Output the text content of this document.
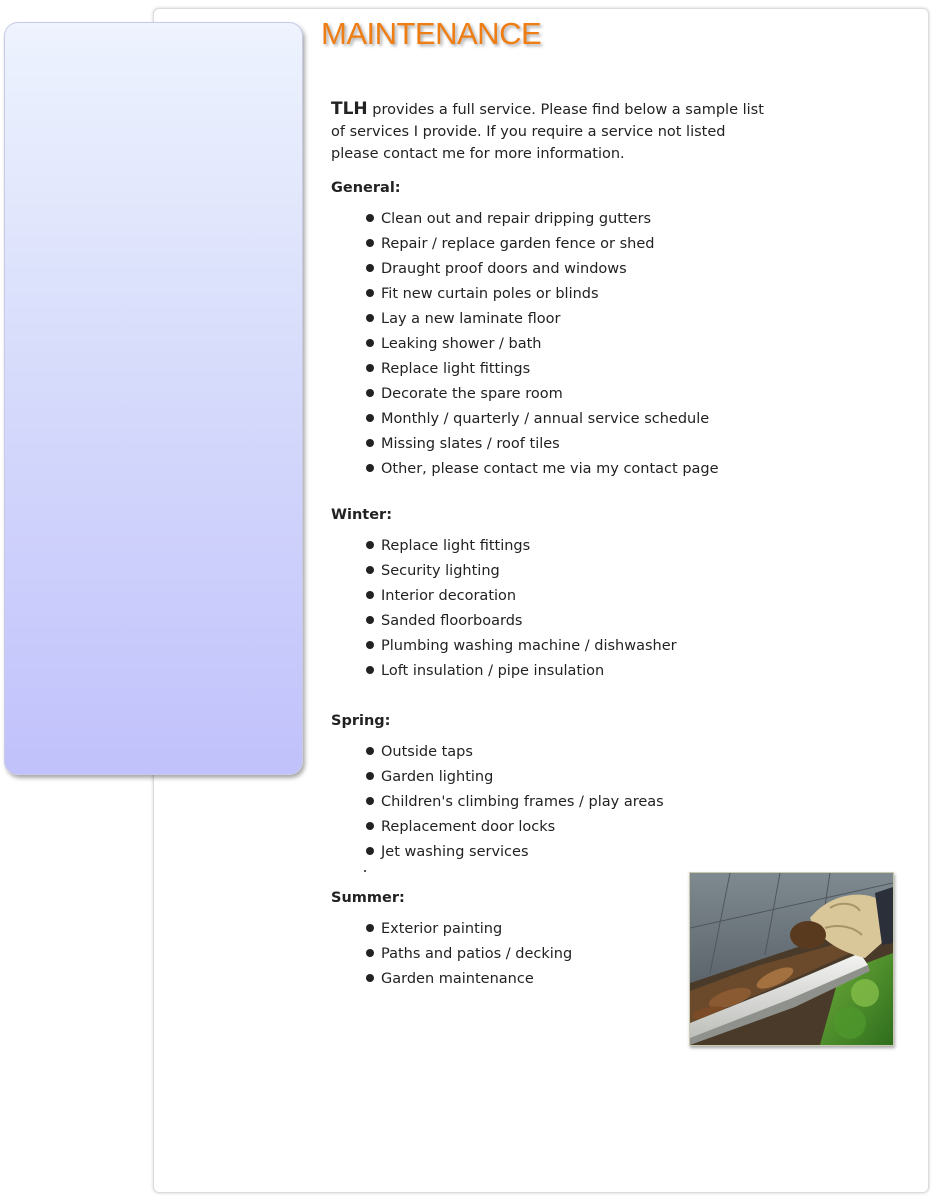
MAINTENANCE

TLH provides a full service. Please find below a sample list of services I provide. If you require a service not listed please contact me for more information.

General:
Clean out and repair dripping gutters
Repair / replace garden fence or shed
Draught proof doors and windows
Fit new curtain poles or blinds
Lay a new laminate floor
Leaking shower / bath
Replace light fittings
Decorate the spare room
Monthly / quarterly / annual service schedule
Missing slates / roof tiles
Other, please contact me via my contact page
Winter:
Replace light fittings
Security lighting
Interior decoration
Sanded floorboards
Plumbing washing machine / dishwasher
Loft insulation / pipe insulation
Spring:
Outside taps
Garden lighting
Children's climbing frames / play areas
Replacement door locks
Jet washing services
Summer:
Exterior painting
Paths and patios / decking
Garden maintenance
